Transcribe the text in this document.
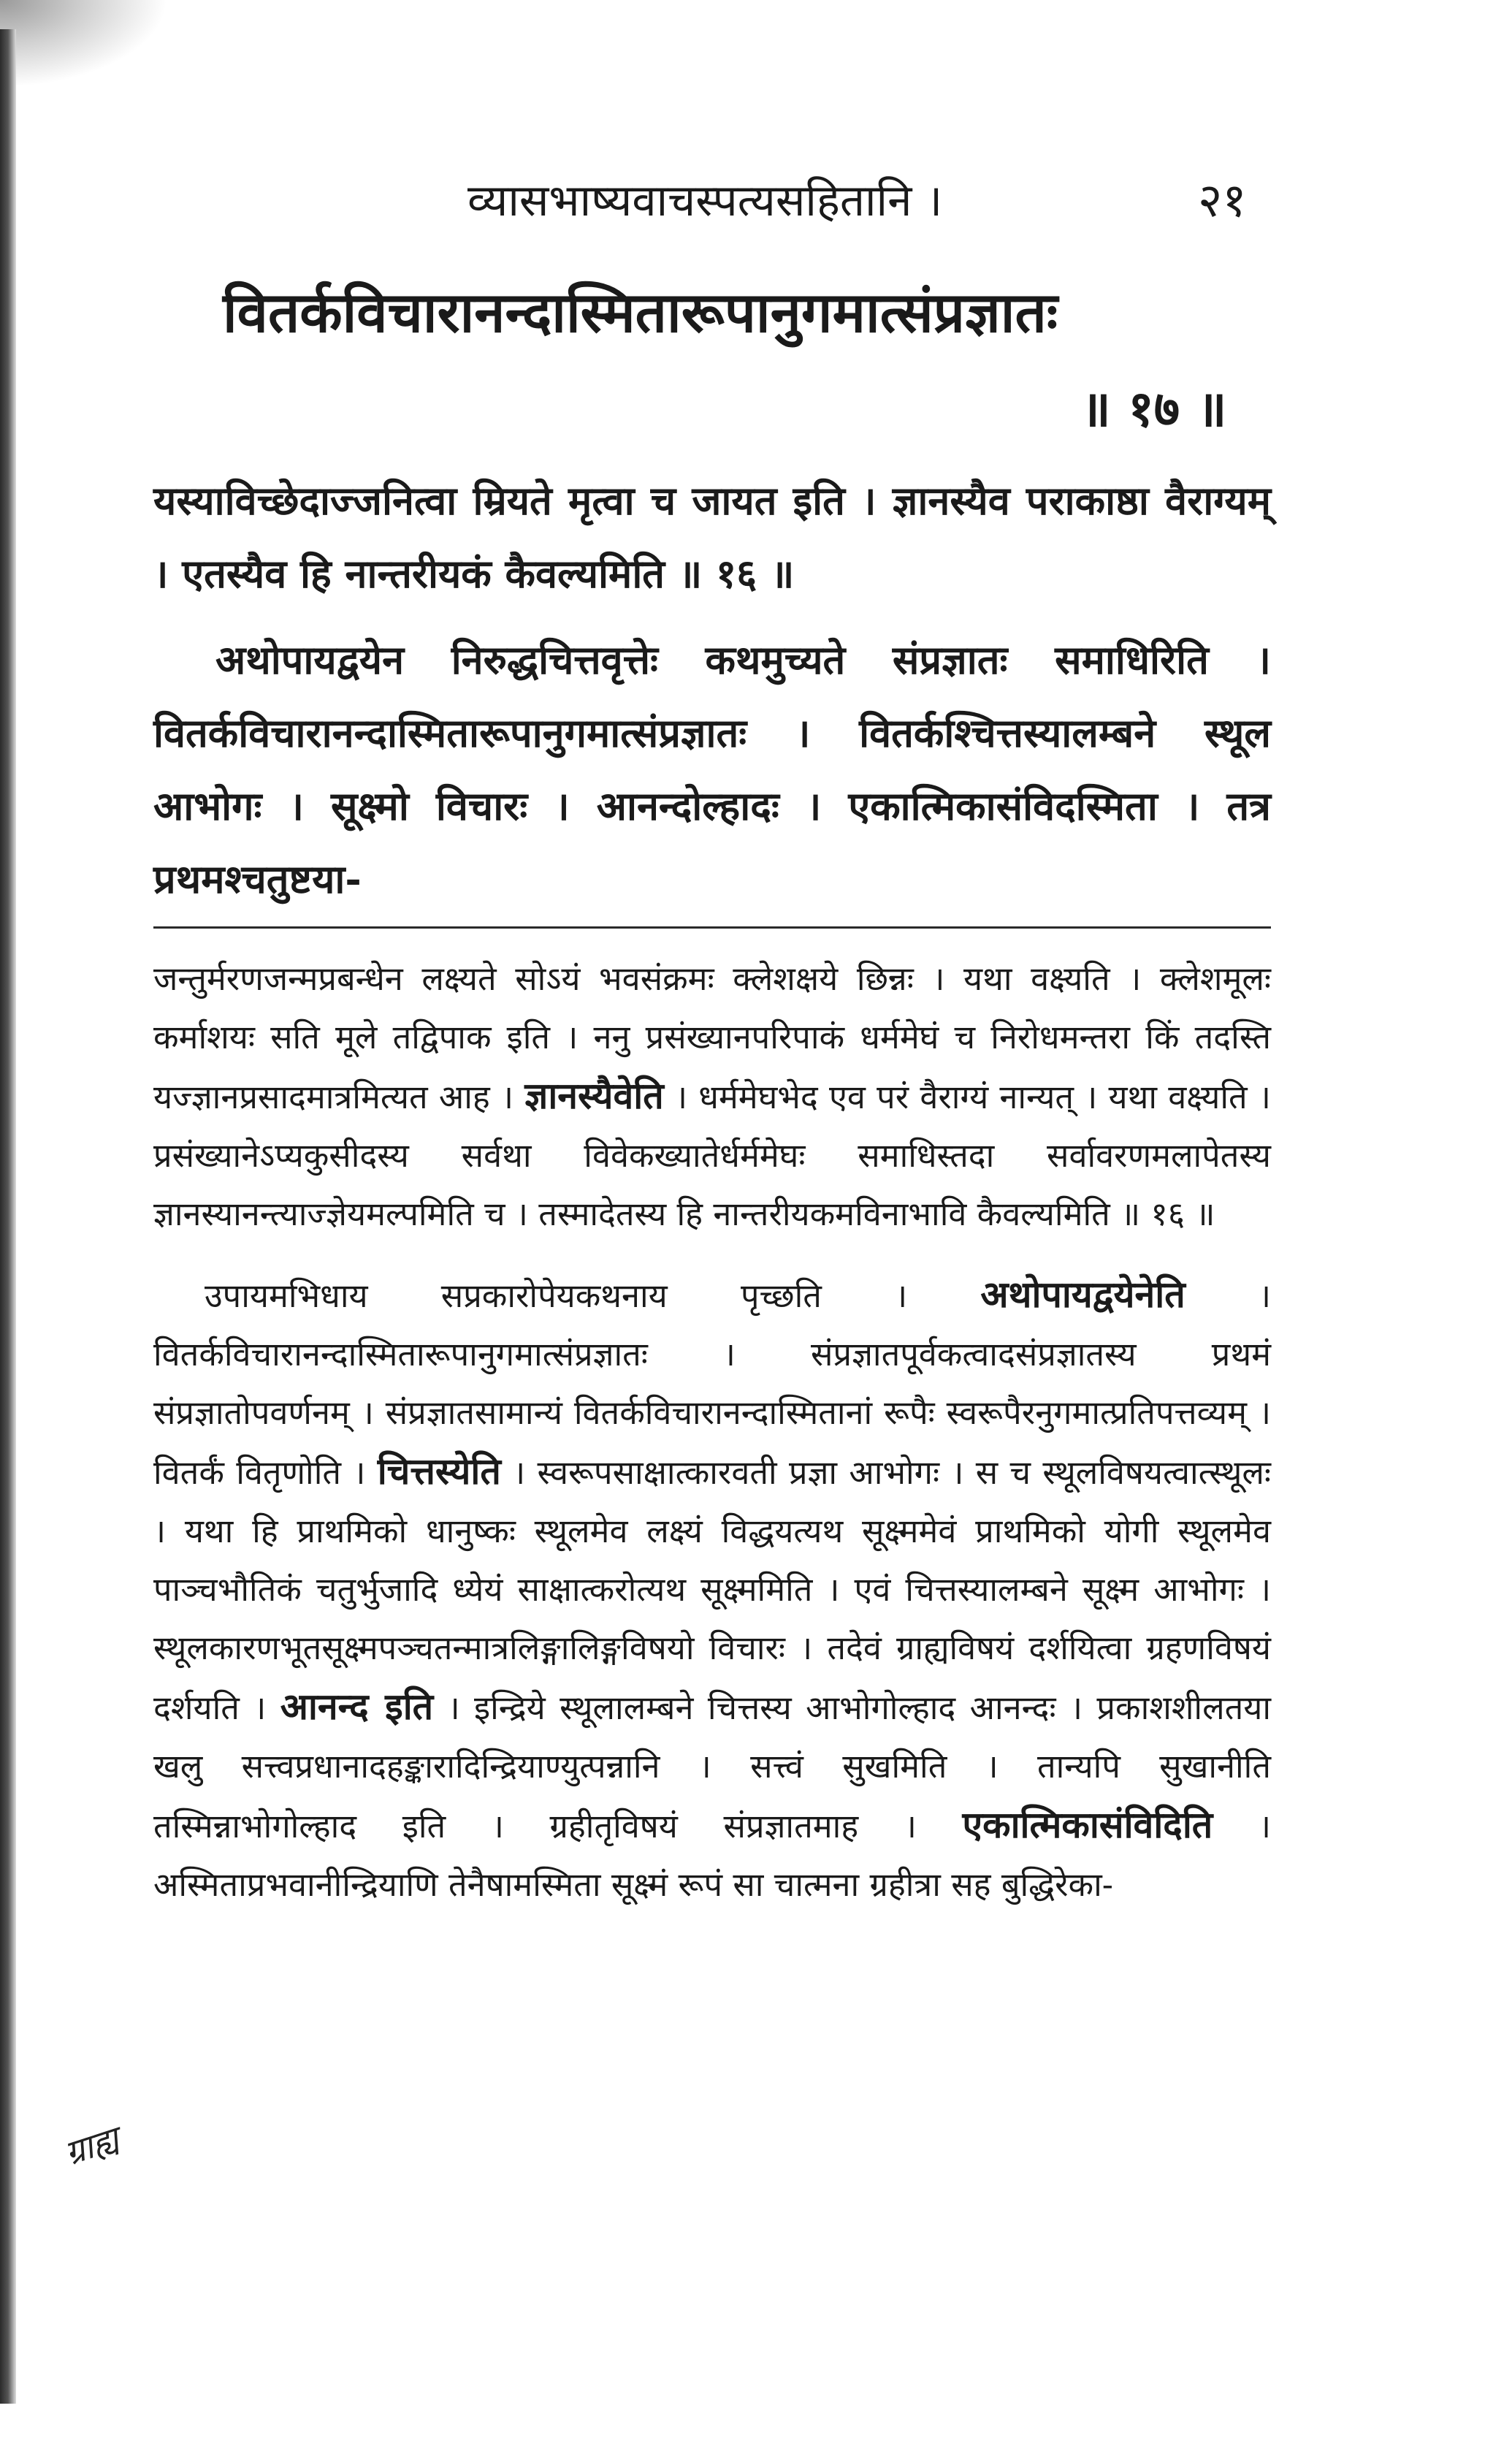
व्यासभाष्यवाचस्पत्यसहितानि ।	२१
वितर्कविचारानन्दास्मितारूपानुगमात्संप्रज्ञातः
॥ १७ ॥

यस्याविच्छेदाज्जनित्वा म्रियते मृत्वा च जायत इति । ज्ञानस्यैव पराकाष्ठा वैराग्यम् । एतस्यैव हि नान्तरीयकं कैवल्यमिति ॥ १६ ॥

अथोपायद्वयेन निरुद्धचित्तवृत्तेः कथमुच्यते संप्रज्ञातः समाधिरिति । वितर्कविचारानन्दास्मितारूपानुगमात्संप्रज्ञातः । वितर्कश्चित्तस्यालम्बने स्थूल आभोगः । सूक्ष्मो विचारः । आनन्दोल्हादः । एकात्मिकासंविदस्मिता । तत्र प्रथमश्चतुष्टया-

जन्तुर्मरणजन्मप्रबन्धेन लक्ष्यते सोऽयं भवसंक्रमः क्लेशक्षये छिन्नः । यथा वक्ष्यति । क्लेशमूलः कर्माशयः सति मूले तद्विपाक इति । ननु प्रसंख्यानपरिपाकं धर्ममेघं च निरोधमन्तरा किं तदस्ति यज्ज्ञानप्रसादमात्रमित्यत आह । ज्ञानस्यैवेति । धर्ममेघभेद एव परं वैराग्यं नान्यत् । यथा वक्ष्यति । प्रसंख्यानेऽप्यकुसीदस्य सर्वथा विवेकख्यातेर्धर्ममेघः समाधिस्तदा सर्वावरणमलापेतस्य ज्ञानस्यानन्त्याज्ज्ञेयमल्पमिति च । तस्मादेतस्य हि नान्तरीयकमविनाभावि कैवल्यमिति ॥ १६ ॥

उपायमभिधाय सप्रकारोपेयकथनाय पृच्छति । अथोपायद्वयेनेति । वितर्कविचारानन्दास्मितारूपानुगमात्संप्रज्ञातः । संप्रज्ञातपूर्वकत्वादसंप्रज्ञातस्य प्रथमं संप्रज्ञातोपवर्णनम् । संप्रज्ञातसामान्यं वितर्कविचारानन्दास्मितानां रूपैः स्वरूपैरनुगमात्प्रतिपत्तव्यम् । वितर्कं वितृणोति । चित्तस्येति । स्वरूपसाक्षात्कारवती प्रज्ञा आभोगः । स च स्थूलविषयत्वात्स्थूलः । यथा हि प्राथमिको धानुष्कः स्थूलमेव लक्ष्यं विद्धयत्यथ सूक्ष्ममेवं प्राथमिको योगी स्थूलमेव पाञ्चभौतिकं चतुर्भुजादि ध्येयं साक्षात्करोत्यथ सूक्ष्ममिति । एवं चित्तस्यालम्बने सूक्ष्म आभोगः । स्थूलकारणभूतसूक्ष्मपञ्चतन्मात्रलिङ्गालिङ्गविषयो विचारः । तदेवं ग्राह्यविषयं दर्शयित्वा ग्रहणविषयं दर्शयति । आनन्द इति । इन्द्रिये स्थूलालम्बने चित्तस्य आभोगोल्हाद आनन्दः । प्रकाशशीलतया खलु सत्त्वप्रधानादहङ्कारादिन्द्रियाण्युत्पन्नानि । सत्त्वं सुखमिति । तान्यपि सुखानीति तस्मिन्नाभोगोल्हाद इति । ग्रहीतृविषयं संप्रज्ञातमाह । एकात्मिकासंविदिति । अस्मिताप्रभवानीन्द्रियाणि तेनैषामस्मिता सूक्ष्मं रूपं सा चात्मना ग्रहीत्रा सह बुद्धिरेका-

ग्राह्य
